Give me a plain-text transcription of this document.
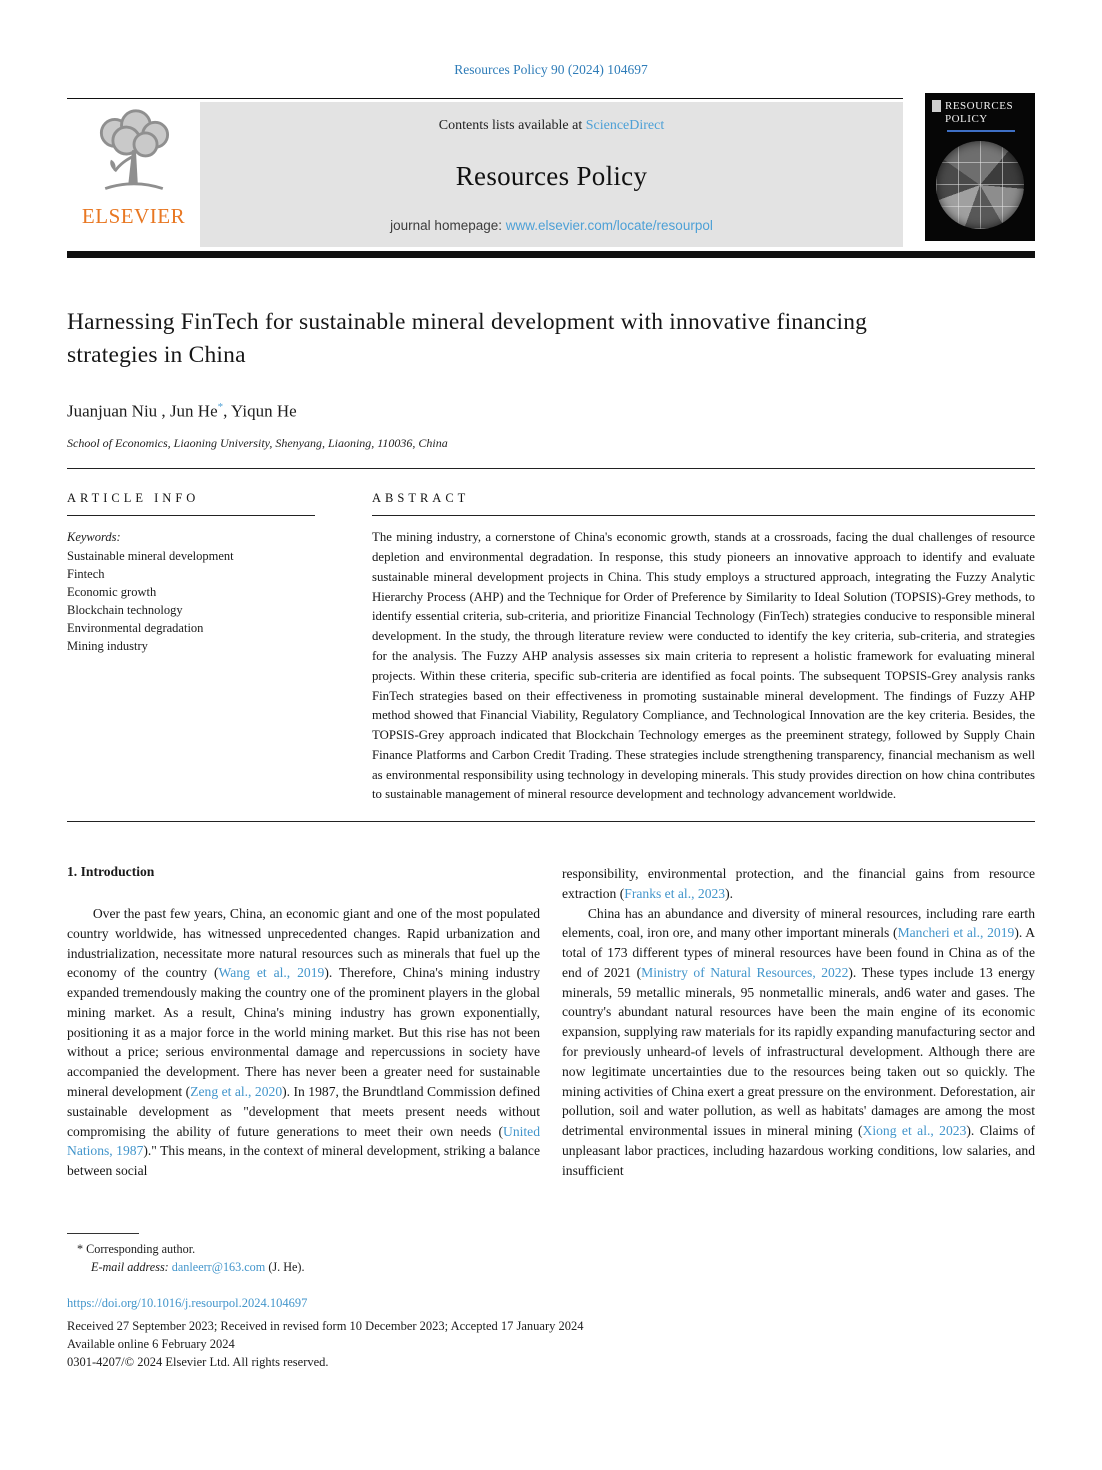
Resources Policy 90 (2024) 104697
ELSEVIER
Contents lists available at ScienceDirect
Resources Policy
journal homepage: www.elsevier.com/locate/resourpol
RESOURCES POLICY
Harnessing FinTech for sustainable mineral development with innovative financing strategies in China
Juanjuan Niu , Jun He*, Yiqun He
School of Economics, Liaoning University, Shenyang, Liaoning, 110036, China
ARTICLE INFO
Keywords:
Sustainable mineral development
Fintech
Economic growth
Blockchain technology
Environmental degradation
Mining industry
ABSTRACT
The mining industry, a cornerstone of China's economic growth, stands at a crossroads, facing the dual challenges of resource depletion and environmental degradation. In response, this study pioneers an innovative approach to identify and evaluate sustainable mineral development projects in China. This study employs a structured approach, integrating the Fuzzy Analytic Hierarchy Process (AHP) and the Technique for Order of Preference by Similarity to Ideal Solution (TOPSIS)-Grey methods, to identify essential criteria, sub-criteria, and prioritize Financial Technology (FinTech) strategies conducive to responsible mineral development. In the study, the through literature review were conducted to identify the key criteria, sub-criteria, and strategies for the analysis. The Fuzzy AHP analysis assesses six main criteria to represent a holistic framework for evaluating mineral projects. Within these criteria, specific sub-criteria are identified as focal points. The subsequent TOPSIS-Grey analysis ranks FinTech strategies based on their effectiveness in promoting sustainable mineral development. The findings of Fuzzy AHP method showed that Financial Viability, Regulatory Compliance, and Technological Innovation are the key criteria. Besides, the TOPSIS-Grey approach indicated that Blockchain Technology emerges as the preeminent strategy, followed by Supply Chain Finance Platforms and Carbon Credit Trading. These strategies include strengthening transparency, financial mechanism as well as environmental responsibility using technology in developing minerals. This study provides direction on how china contributes to sustainable management of mineral resource development and technology advancement worldwide.
1. Introduction

Over the past few years, China, an economic giant and one of the most populated country worldwide, has witnessed unprecedented changes. Rapid urbanization and industrialization, necessitate more natural resources such as minerals that fuel up the economy of the country (Wang et al., 2019). Therefore, China's mining industry expanded tremendously making the country one of the prominent players in the global mining market. As a result, China's mining industry has grown exponentially, positioning it as a major force in the world mining market. But this rise has not been without a price; serious environmental damage and repercussions in society have accompanied the development. There has never been a greater need for sustainable mineral development (Zeng et al., 2020). In 1987, the Brundtland Commission defined sustainable development as "development that meets present needs without compromising the ability of future generations to meet their own needs (United Nations, 1987)." This means, in the context of mineral development, striking a balance between social

responsibility, environmental protection, and the financial gains from resource extraction (Franks et al., 2023).

China has an abundance and diversity of mineral resources, including rare earth elements, coal, iron ore, and many other important minerals (Mancheri et al., 2019). A total of 173 different types of mineral resources have been found in China as of the end of 2021 (Ministry of Natural Resources, 2022). These types include 13 energy minerals, 59 metallic minerals, 95 nonmetallic minerals, and6 water and gases. The country's abundant natural resources have been the main engine of its economic expansion, supplying raw materials for its rapidly expanding manufacturing sector and for previously unheard-of levels of infrastructural development. Although there are now legitimate uncertainties due to the resources being taken out so quickly. The mining activities of China exert a great pressure on the environment. Deforestation, air pollution, soil and water pollution, as well as habitats' damages are among the most detrimental environmental issues in mineral mining (Xiong et al., 2023). Claims of unpleasant labor practices, including hazardous working conditions, low salaries, and insufficient

* Corresponding author.
E-mail address: danleerr@163.com (J. He).
https://doi.org/10.1016/j.resourpol.2024.104697
Received 27 September 2023; Received in revised form 10 December 2023; Accepted 17 January 2024
Available online 6 February 2024
0301-4207/© 2024 Elsevier Ltd. All rights reserved.
